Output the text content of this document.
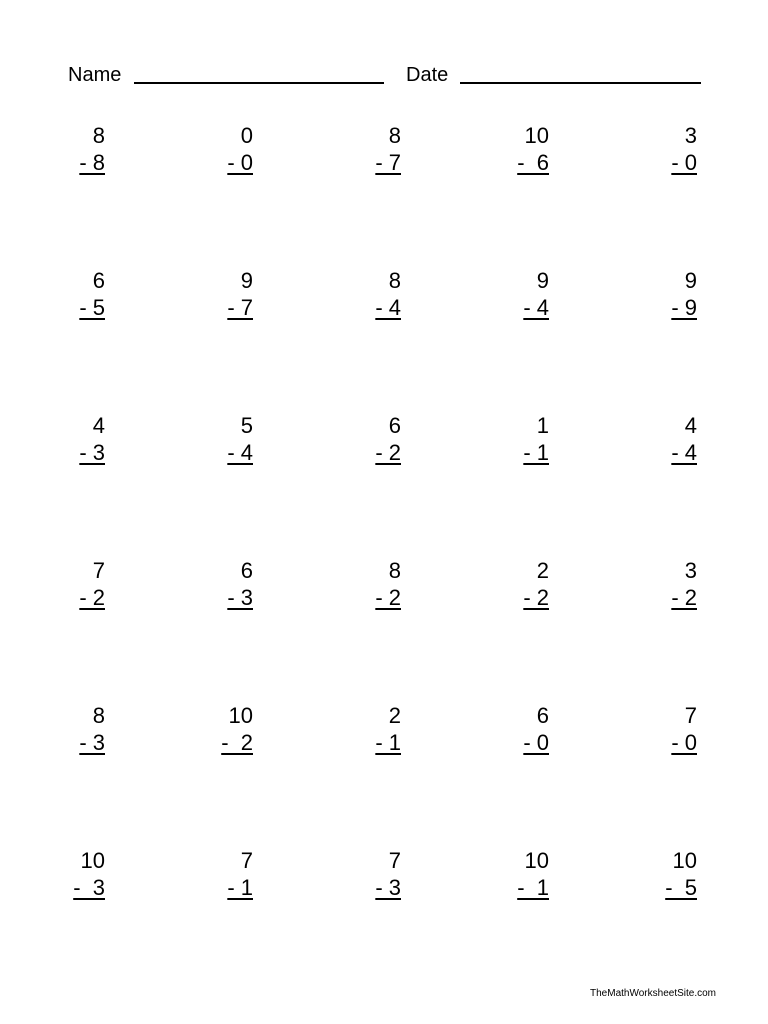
Name	Date
8
- 8
0
- 0
8
- 7
10
-  6
3
- 0
6
- 5
9
- 7
8
- 4
9
- 4
9
- 9
4
- 3
5
- 4
6
- 2
1
- 1
4
- 4
7
- 2
6
- 3
8
- 2
2
- 2
3
- 2
8
- 3
10
-  2
2
- 1
6
- 0
7
- 0
10
-  3
7
- 1
7
- 3
10
-  1
10
-  5
TheMathWorksheetSite.com
